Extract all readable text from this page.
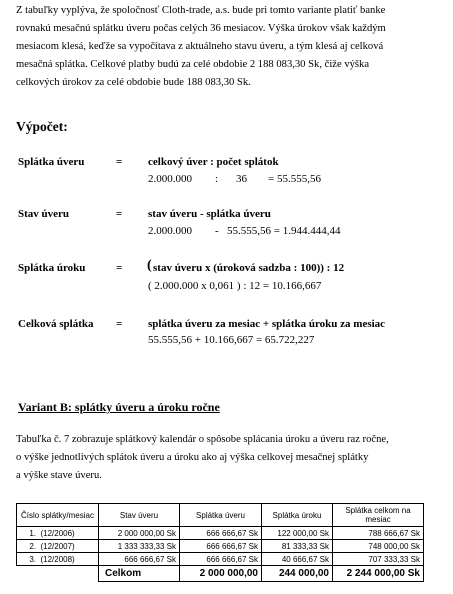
Z tabuľky vyplýva, že spoločnosť Cloth-trade, a.s. bude pri tomto variante platiť banke
rovnakú mesačnú splátku úveru počas celých 36 mesiacov. Výška úrokov však každým
mesiacom klesá, keďže sa vypočítava z aktuálneho stavu úveru, a tým klesá aj celková
mesačná splátka. Celkové platby budú za celé obdobie 2 188 083,30 Sk, čiže výška
celkových úrokov za celé obdobie bude 188 083,30 Sk.
Výpočet:
Splátka úveru	= celkový úver : počet splátok
2.000.000 : 36 = 55.555,56
Stav úveru	= stav úveru - splátka úveru
2.000.000 - 55.555,56 = 1.944.444,44
Splátka úroku	= ( stav úveru x (úroková sadzba : 100)) : 12
( 2.000.000 x 0,061 ) : 12 = 10.166,667
Celková splátka = splátka úveru za mesiac + splátka úroku za mesiac
55.555,56 + 10.166,667 = 65.722,227
Variant B: splátky úveru a úroku ročne
Tabuľka č. 7 zobrazuje splátkový kalendár o spôsobe splácania úroku a úveru raz ročne,
o výške jednotlivých splátok úveru a úroku ako aj výška celkovej mesačnej splátky
a výške stave úveru.
Číslo splátky/mesiac	Stav úveru	Splátka úveru	Splátka úroku	Splátka celkom na mesiac
1. (12/2006)	2 000 000,00 Sk	666 666,67 Sk	122 000,00 Sk	788 666,67 Sk
2. (12/2007)	1 333 333,33 Sk	666 666,67 Sk	81 333,33 Sk	748 000,00 Sk
3. (12/2008)	666 666,67 Sk	666 666,67 Sk	40 666,67 Sk	707 333,33 Sk
	Celkom	2 000 000,00	244 000,00	2 244 000,00 Sk
